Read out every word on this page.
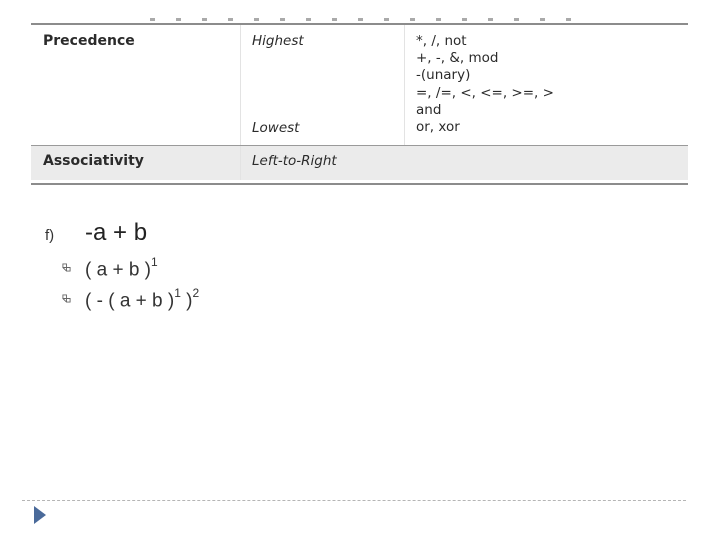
Precedence	Highest
Lowest
*, /, not
+, -, &, mod
-(unary)
=, /=, <, <=, >=, >
and
or, xor
Associativity	Left-to-Right
f) -a + b
( a + b )$^1$
( - ( a + b )$^1$ )$^2$
